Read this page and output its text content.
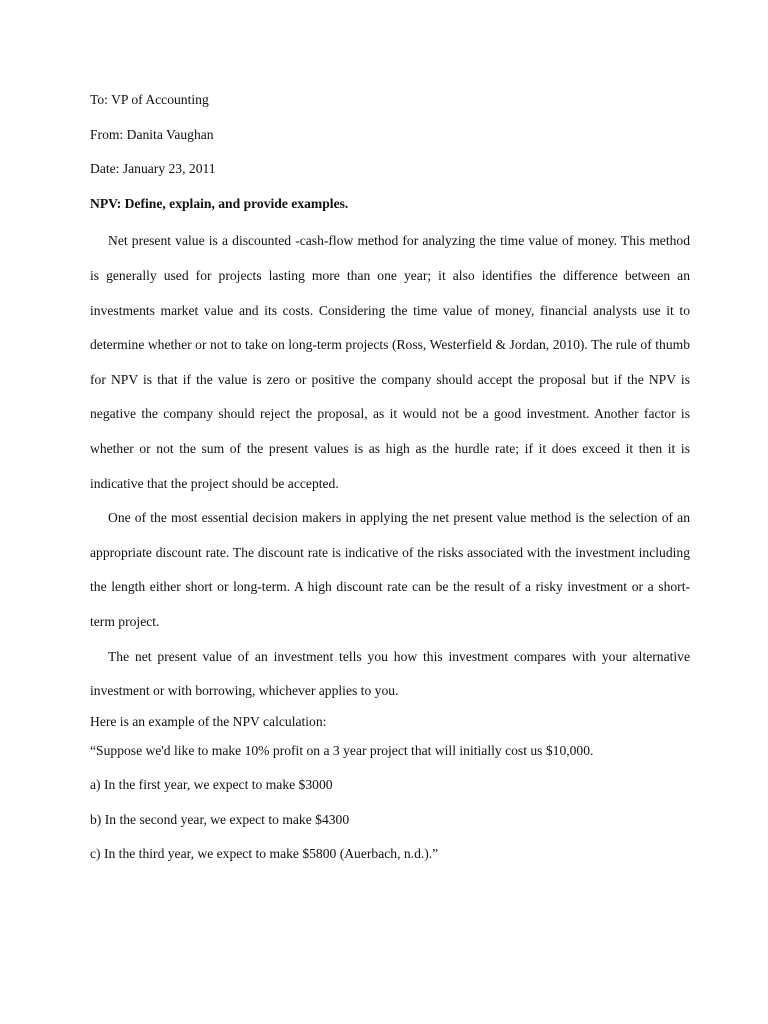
To: VP of Accounting

From: Danita Vaughan

Date: January 23, 2011

NPV: Define, explain, and provide examples.

Net present value is a discounted -cash-flow method for analyzing the time value of money. This method is generally used for projects lasting more than one year; it also identifies the difference between an investments market value and its costs. Considering the time value of money, financial analysts use it to determine whether or not to take on long-term projects (Ross, Westerfield & Jordan, 2010). The rule of thumb for NPV is that if the value is zero or positive the company should accept the proposal but if the NPV is negative the company should reject the proposal, as it would not be a good investment. Another factor is whether or not the sum of the present values is as high as the hurdle rate; if it does exceed it then it is indicative that the project should be accepted.

One of the most essential decision makers in applying the net present value method is the selection of an appropriate discount rate. The discount rate is indicative of the risks associated with the investment including the length either short or long-term. A high discount rate can be the result of a risky investment or a short-term project.

The net present value of an investment tells you how this investment compares with your alternative investment or with borrowing, whichever applies to you.

Here is an example of the NPV calculation:

“Suppose we'd like to make 10% profit on a 3 year project that will initially cost us $10,000.

a) In the first year, we expect to make $3000

b) In the second year, we expect to make $4300

c) In the third year, we expect to make $5800 (Auerbach, n.d.).”
